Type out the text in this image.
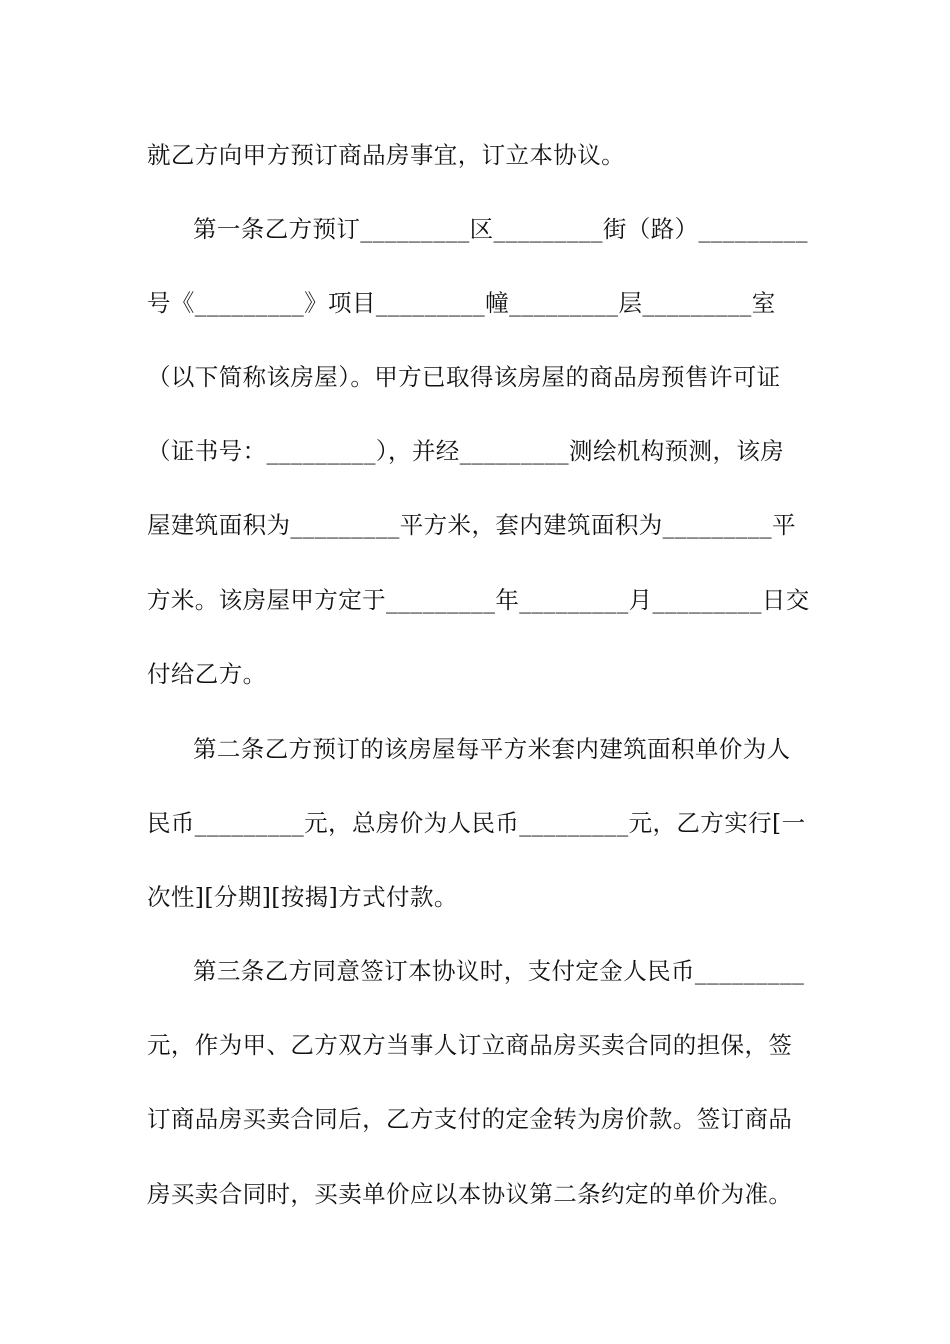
就乙方向甲方预订商品房事宜，订立本协议。
第一条乙方预订_________区_________街（路）_________
号《_________》项目_________幢_________层_________室
（以下简称该房屋）。甲方已取得该房屋的商品房预售许可证
（证书号：_________），并经_________测绘机构预测，该房
屋建筑面积为_________平方米，套内建筑面积为_________平
方米。该房屋甲方定于_________年_________月_________日交
付给乙方。
第二条乙方预订的该房屋每平方米套内建筑面积单价为人
民币_________元，总房价为人民币_________元，乙方实行[一
次性][分期][按揭]方式付款。
第三条乙方同意签订本协议时，支付定金人民币_________
元，作为甲、乙方双方当事人订立商品房买卖合同的担保，签
订商品房买卖合同后，乙方支付的定金转为房价款。签订商品
房买卖合同时，买卖单价应以本协议第二条约定的单价为准。
